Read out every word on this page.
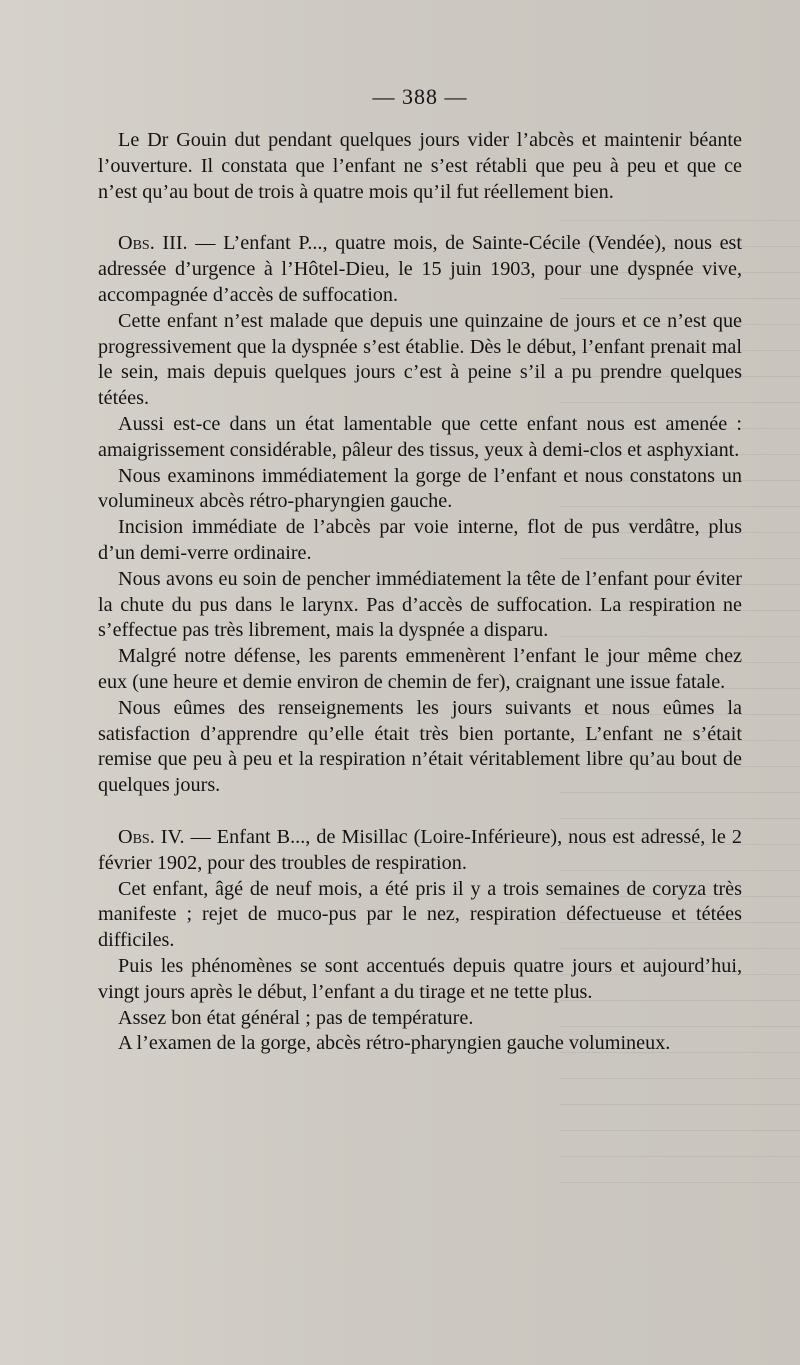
— 388 —

Le Dr Gouin dut pendant quelques jours vider l’abcès et maintenir béante l’ouverture. Il constata que l’enfant ne s’est rétabli que peu à peu et que ce n’est qu’au bout de trois à quatre mois qu’il fut réellement bien.

Obs. III. — L’enfant P..., quatre mois, de Sainte-Cécile (Vendée), nous est adressée d’urgence à l’Hôtel-Dieu, le 15 juin 1903, pour une dyspnée vive, accompagnée d’accès de suffocation.

Cette enfant n’est malade que depuis une quinzaine de jours et ce n’est que progressivement que la dyspnée s’est établie. Dès le début, l’enfant prenait mal le sein, mais depuis quelques jours c’est à peine s’il a pu prendre quelques tétées.

Aussi est-ce dans un état lamentable que cette enfant nous est amenée : amaigrissement considérable, pâleur des tissus, yeux à demi-clos et asphyxiant.

Nous examinons immédiatement la gorge de l’enfant et nous constatons un volumineux abcès rétro-pharyngien gauche.

Incision immédiate de l’abcès par voie interne, flot de pus verdâtre, plus d’un demi-verre ordinaire.

Nous avons eu soin de pencher immédiatement la tête de l’enfant pour éviter la chute du pus dans le larynx. Pas d’accès de suffocation. La respiration ne s’effectue pas très librement, mais la dyspnée a disparu.

Malgré notre défense, les parents emmenèrent l’enfant le jour même chez eux (une heure et demie environ de chemin de fer), craignant une issue fatale.

Nous eûmes des renseignements les jours suivants et nous eûmes la satisfaction d’apprendre qu’elle était très bien portante, L’enfant ne s’était remise que peu à peu et la respiration n’était véritablement libre qu’au bout de quelques jours.

Obs. IV. — Enfant B..., de Misillac (Loire-Inférieure), nous est adressé, le 2 février 1902, pour des troubles de respiration.

Cet enfant, âgé de neuf mois, a été pris il y a trois semaines de coryza très manifeste ; rejet de muco-pus par le nez, respiration défectueuse et tétées difficiles.

Puis les phénomènes se sont accentués depuis quatre jours et aujourd’hui, vingt jours après le début, l’enfant a du tirage et ne tette plus.

Assez bon état général ; pas de température.

A l’examen de la gorge, abcès rétro-pharyngien gauche volumineux.
